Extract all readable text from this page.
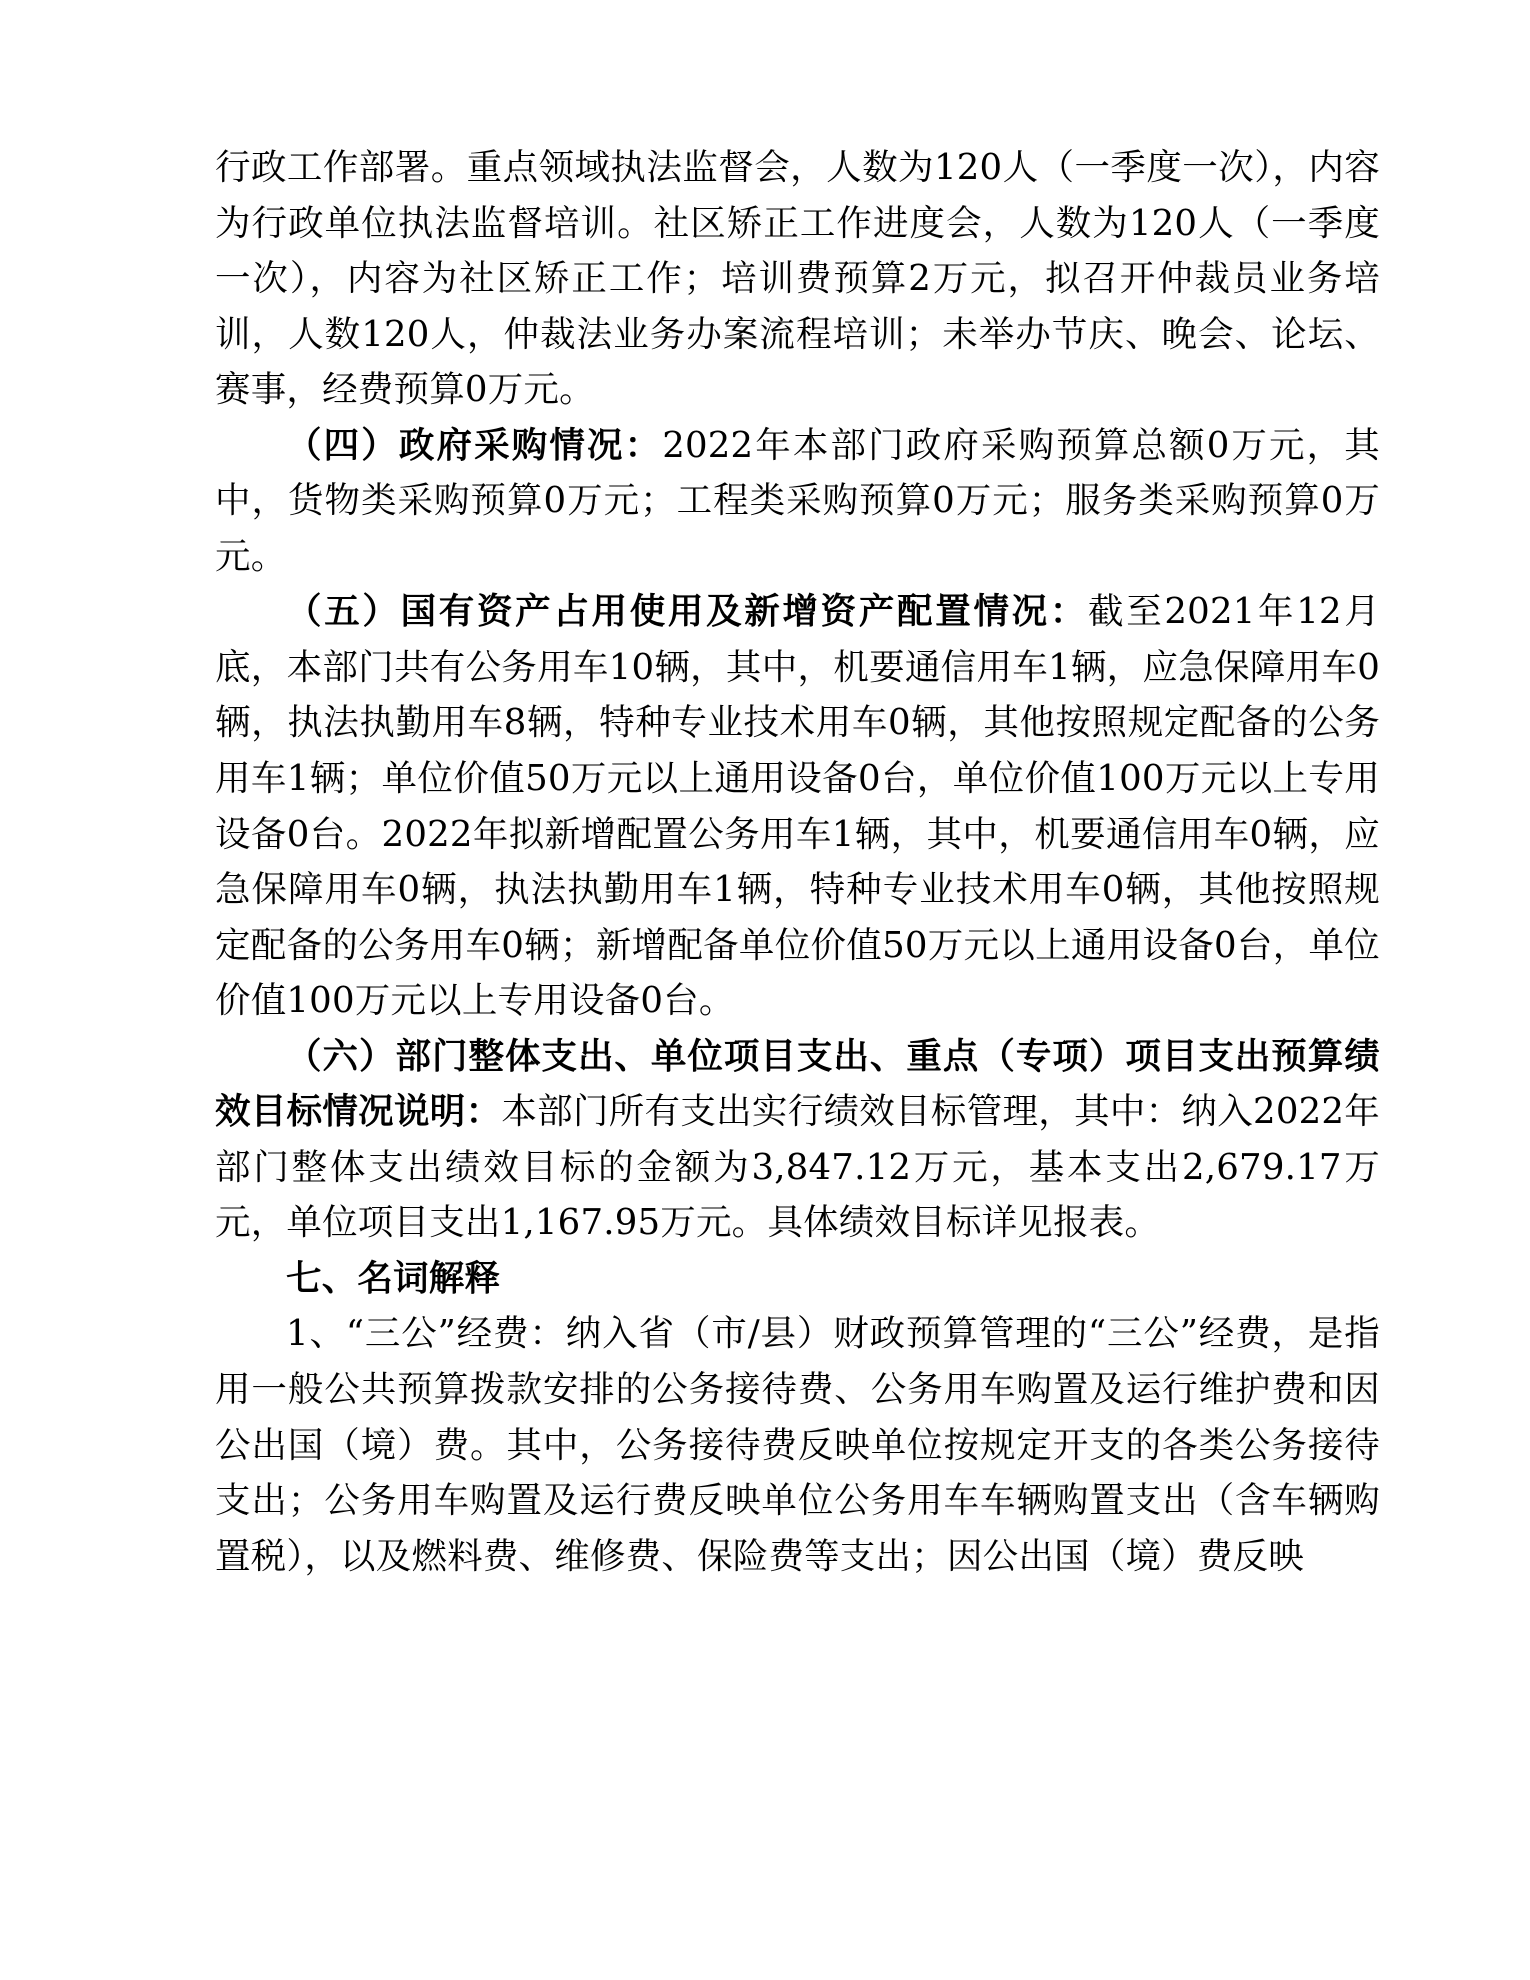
行政工作部署。重点领域执法监督会，人数为120人（一季度一次），内容为行政单位执法监督培训。社区矫正工作进度会，人数为120人（一季度一次），内容为社区矫正工作；培训费预算2万元，拟召开仲裁员业务培训，人数120人，仲裁法业务办案流程培训；未举办节庆、晚会、论坛、赛事，经费预算0万元。

（四）政府采购情况：2022年本部门政府采购预算总额0万元，其中，货物类采购预算0万元；工程类采购预算0万元；服务类采购预算0万元。

（五）国有资产占用使用及新增资产配置情况：截至2021年12月底，本部门共有公务用车10辆，其中，机要通信用车1辆，应急保障用车0辆，执法执勤用车8辆，特种专业技术用车0辆，其他按照规定配备的公务用车1辆；单位价值50万元以上通用设备0台，单位价值100万元以上专用设备0台。2022年拟新增配置公务用车1辆，其中，机要通信用车0辆，应急保障用车0辆，执法执勤用车1辆，特种专业技术用车0辆，其他按照规定配备的公务用车0辆；新增配备单位价值50万元以上通用设备0台，单位价值100万元以上专用设备0台。

（六）部门整体支出、单位项目支出、重点（专项）项目支出预算绩效目标情况说明：本部门所有支出实行绩效目标管理，其中：纳入2022年部门整体支出绩效目标的金额为3,847.12万元，基本支出2,679.17万元，单位项目支出1,167.95万元。具体绩效目标详见报表。

七、名词解释

1、“三公”经费：纳入省（市/县）财政预算管理的“三公”经费，是指用一般公共预算拨款安排的公务接待费、公务用车购置及运行维护费和因公出国（境）费。其中，公务接待费反映单位按规定开支的各类公务接待支出；公务用车购置及运行费反映单位公务用车车辆购置支出（含车辆购置税），以及燃料费、维修费、保险费等支出；因公出国（境）费反映
